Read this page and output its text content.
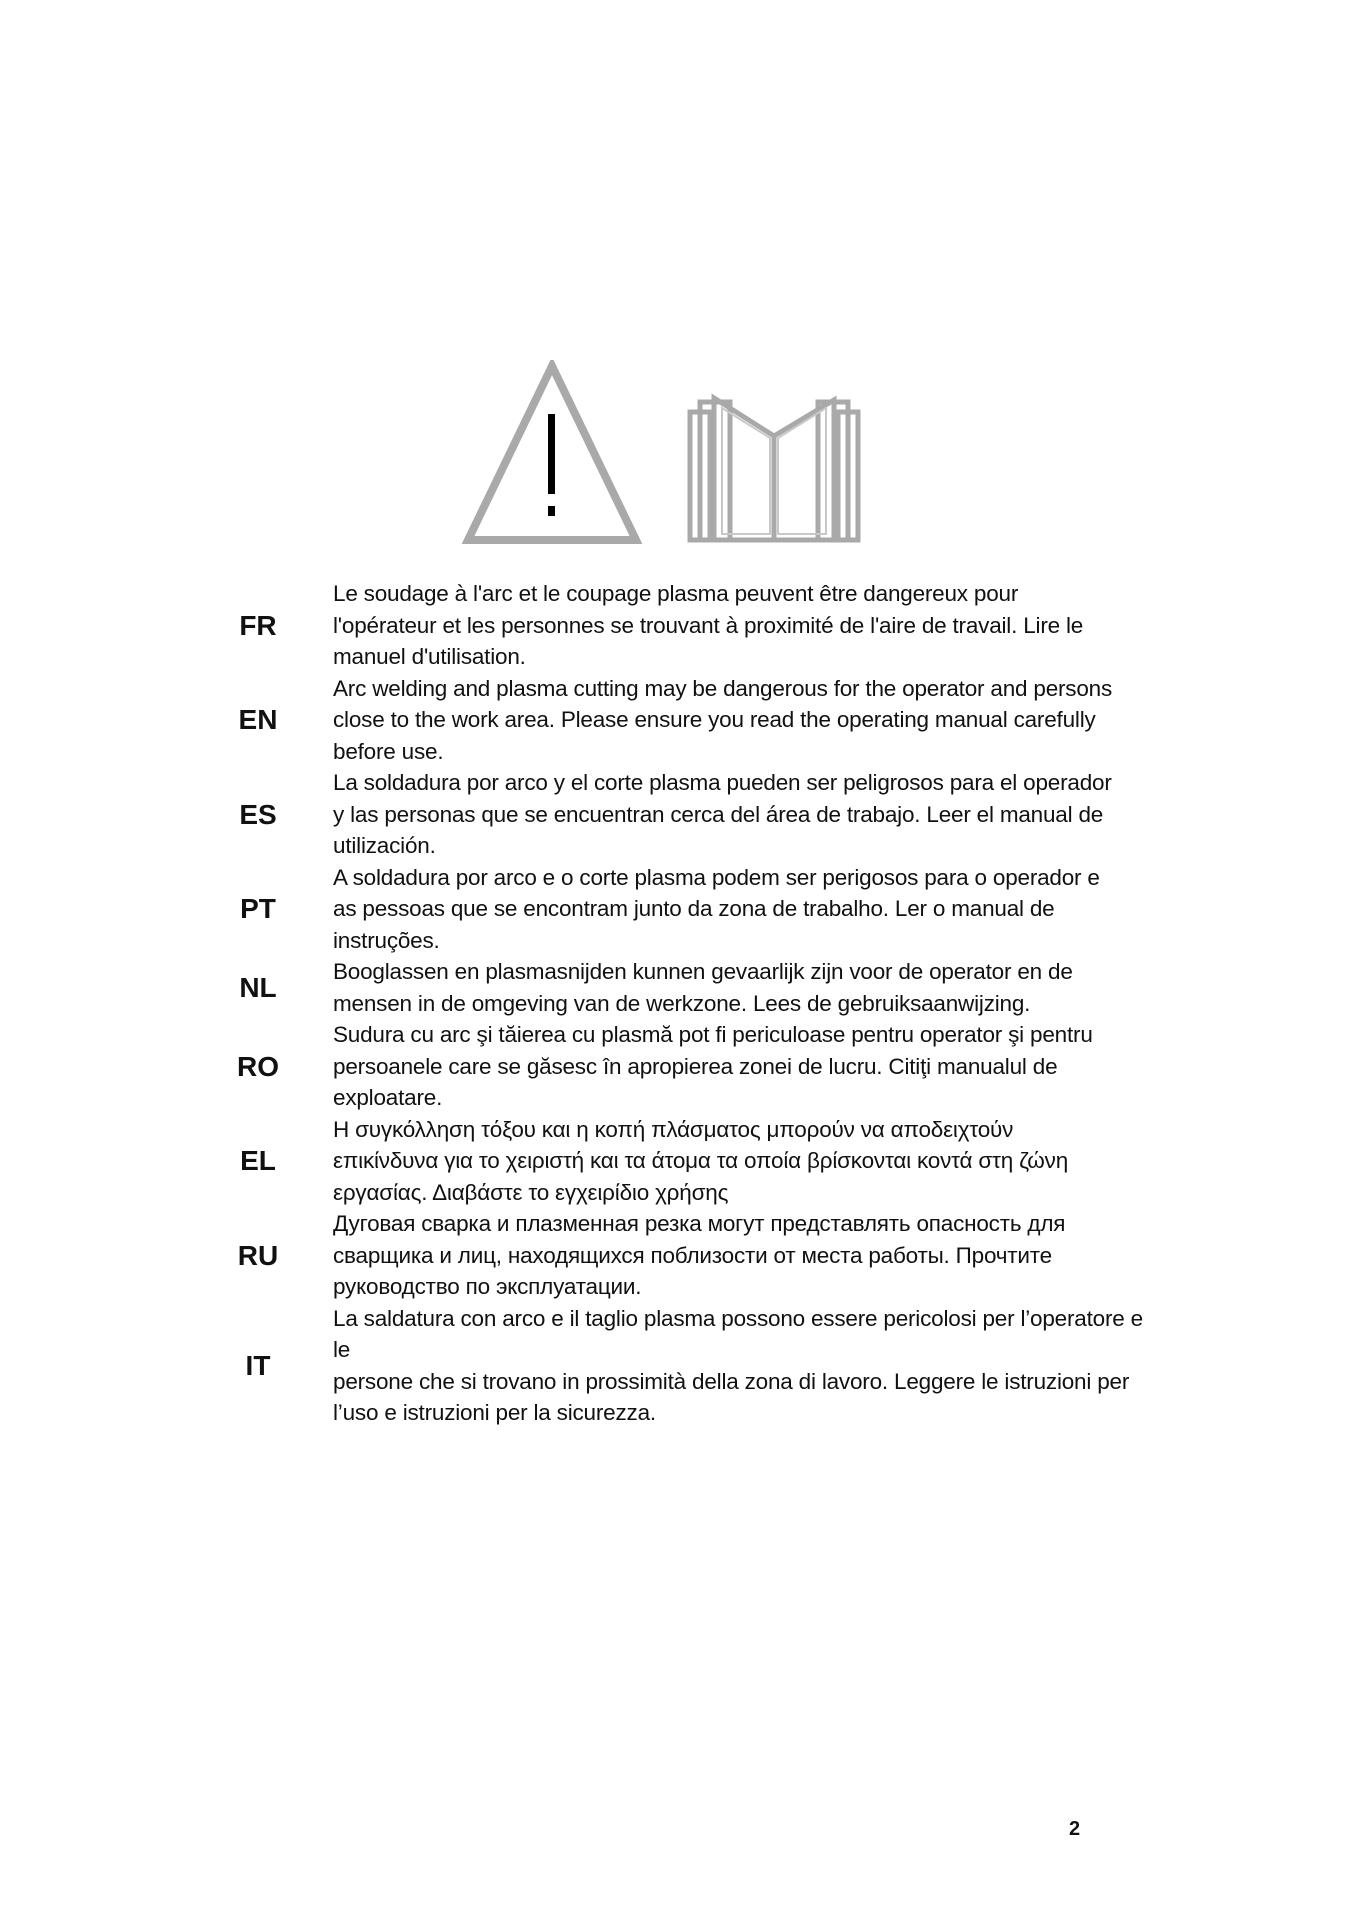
FR
Le soudage à l'arc et le coupage plasma peuvent être dangereux pour
l'opérateur et les personnes se trouvant à proximité de l'aire de travail. Lire le
manuel d'utilisation.
EN
Arc welding and plasma cutting may be dangerous for the operator and persons
close to the work area. Please ensure you read the operating manual carefully
before use.
ES
La soldadura por arco y el corte plasma pueden ser peligrosos para el operador
y las personas que se encuentran cerca del área de trabajo. Leer el manual de
utilización.
PT
A soldadura por arco e o corte plasma podem ser perigosos para o operador e
as pessoas que se encontram junto da zona de trabalho. Ler o manual de
instruções.
NL	Booglassen en plasmasnijden kunnen gevaarlijk zijn voor de operator en de
mensen in de omgeving van de werkzone. Lees de gebruiksaanwijzing.
RO
Sudura cu arc şi tăierea cu plasmă pot fi periculoase pentru operator şi pentru
persoanele care se găsesc în apropierea zonei de lucru. Citiţi manualul de
exploatare.
EL
Η συγκόλληση τόξου και η κοπή πλάσματος μπορούν να αποδειχτούν
επικίνδυνα για το χειριστή και τα άτομα τα οποία βρίσκονται κοντά στη ζώνη
εργασίας. Διαβάστε το εγχειρίδιο χρήσης
RU
Дуговая сварка и плазменная резка могут представлять опасность для
сварщика и лиц, находящихся поблизости от места работы. Прочтите
руководство по эксплуатации.
IT
La saldatura con arco e il taglio plasma possono essere pericolosi per l’operatore e le
persone che si trovano in prossimità della zona di lavoro. Leggere le istruzioni per
l’uso e istruzioni per la sicurezza.
2
